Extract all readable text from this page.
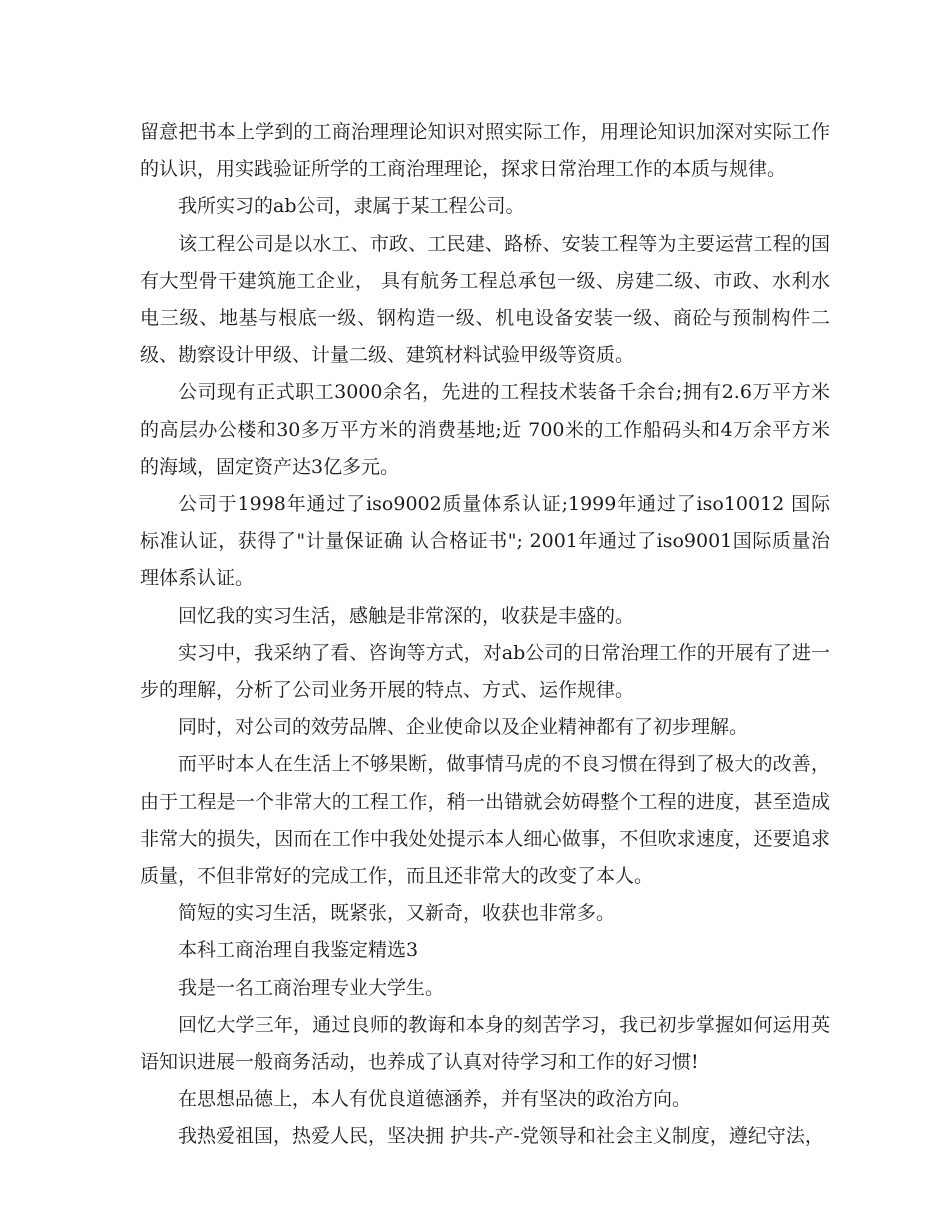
留意把书本上学到的工商治理理论知识对照实际工作，用理论知识加深对实际工作的认识，用实践验证所学的工商治理理论，探求日常治理工作的本质与规律。

我所实习的ab公司，隶属于某工程公司。

该工程公司是以水工、市政、工民建、路桥、安装工程等为主要运营工程的国有大型骨干建筑施工企业， 具有航务工程总承包一级、房建二级、市政、水利水电三级、地基与根底一级、钢构造一级、机电设备安装一级、商砼与预制构件二级、勘察设计甲级、计量二级、建筑材料试验甲级等资质。

公司现有正式职工3000余名，先进的工程技术装备千余台;拥有2.6万平方米的高层办公楼和30多万平方米的消费基地;近 700米的工作船码头和4万余平方米的海域，固定资产达3亿多元。

公司于1998年通过了iso9002质量体系认证;1999年通过了iso10012 国际标准认证，获得了"计量保证确 认合格证书"; 2001年通过了iso9001国际质量治理体系认证。

回忆我的实习生活，感触是非常深的，收获是丰盛的。

实习中，我采纳了看、咨询等方式，对ab公司的日常治理工作的开展有了进一步的理解，分析了公司业务开展的特点、方式、运作规律。

同时，对公司的效劳品牌、企业使命以及企业精神都有了初步理解。

而平时本人在生活上不够果断，做事情马虎的不良习惯在得到了极大的改善，由于工程是一个非常大的工程工作，稍一出错就会妨碍整个工程的进度，甚至造成非常大的损失，因而在工作中我处处提示本人细心做事，不但吹求速度，还要追求质量，不但非常好的完成工作，而且还非常大的改变了本人。

简短的实习生活，既紧张，又新奇，收获也非常多。

本科工商治理自我鉴定精选3

我是一名工商治理专业大学生。

回忆大学三年，通过良师的教诲和本身的刻苦学习，我已初步掌握如何运用英语知识进展一般商务活动，也养成了认真对待学习和工作的好习惯!

在思想品德上，本人有优良道德涵养，并有坚决的政治方向。

我热爱祖国，热爱人民，坚决拥 护共-产-党领导和社会主义制度，遵纪守法，
